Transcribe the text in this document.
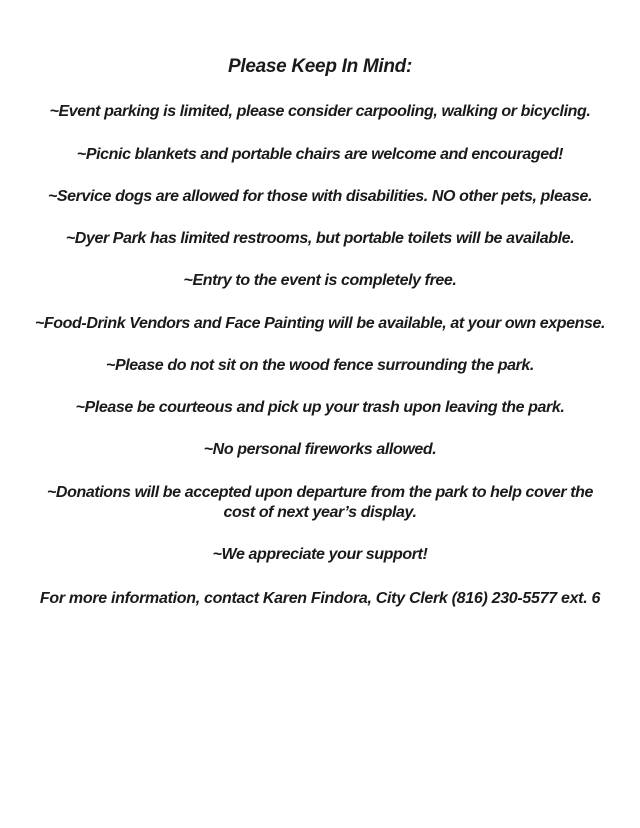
Please Keep In Mind:
~Event parking is limited, please consider carpooling, walking or bicycling.
~Picnic blankets and portable chairs are welcome and encouraged!
~Service dogs are allowed for those with disabilities. NO other pets, please.
~Dyer Park has limited restrooms, but portable toilets will be available.
~Entry to the event is completely free.
~Food-Drink Vendors and Face Painting will be available, at your own expense.
~Please do not sit on the wood fence surrounding the park.
~Please be courteous and pick up your trash upon leaving the park.
~No personal fireworks allowed.
~Donations will be accepted upon departure from the park to help cover the cost of next year’s display.
~We appreciate your support!
For more information, contact Karen Findora, City Clerk (816) 230-5577 ext. 6
